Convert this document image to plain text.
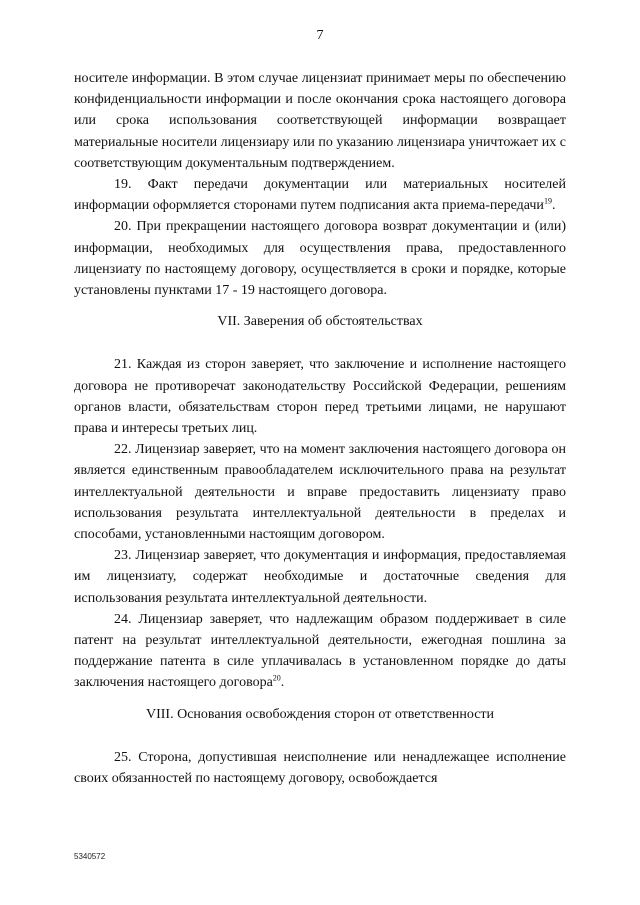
7

носителе информации. В этом случае лицензиат принимает меры по обеспечению конфиденциальности информации и после окончания срока настоящего договора или срока использования соответствующей информации возвращает материальные носители лицензиару или по указанию лицензиара уничтожает их с соответствующим документальным подтверждением.

19. Факт передачи документации или материальных носителей информации оформляется сторонами путем подписания акта приема-передачи$^{19}$.

20. При прекращении настоящего договора возврат документации и (или) информации, необходимых для осуществления права, предоставленного лицензиату по настоящему договору, осуществляется в сроки и порядке, которые установлены пунктами 17 - 19 настоящего договора.

VII. Заверения об обстоятельствах

21. Каждая из сторон заверяет, что заключение и исполнение настоящего договора не противоречат законодательству Российской Федерации, решениям органов власти, обязательствам сторон перед третьими лицами, не нарушают права и интересы третьих лиц.

22. Лицензиар заверяет, что на момент заключения настоящего договора он является единственным правообладателем исключительного права на результат интеллектуальной деятельности и вправе предоставить лицензиату право использования результата интеллектуальной деятельности в пределах и способами, установленными настоящим договором.

23. Лицензиар заверяет, что документация и информация, предоставляемая им лицензиату, содержат необходимые и достаточные сведения для использования результата интеллектуальной деятельности.

24. Лицензиар заверяет, что надлежащим образом поддерживает в силе патент на результат интеллектуальной деятельности, ежегодная пошлина за поддержание патента в силе уплачивалась в установленном порядке до даты заключения настоящего договора$^{20}$.

VIII. Основания освобождения сторон от ответственности

25. Сторона, допустившая неисполнение или ненадлежащее исполнение своих обязанностей по настоящему договору, освобождается

5340572
